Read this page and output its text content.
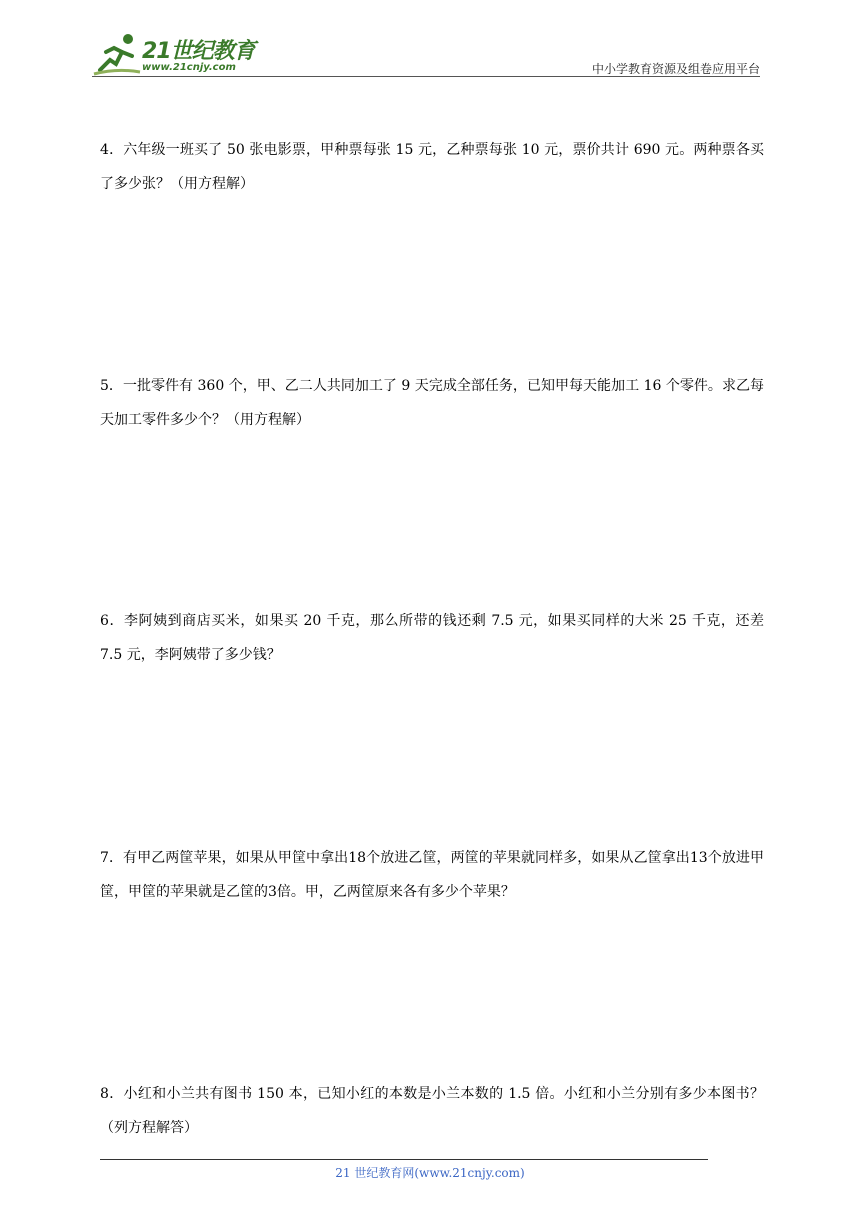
21世纪教育
www.21cnjy.com	中小学教育资源及组卷应用平台
4．六年级一班买了 50 张电影票，甲种票每张 15 元，乙种票每张 10 元，票价共计 690 元。两种票各买了多少张？（用方程解）
5．一批零件有 360 个，甲、乙二人共同加工了 9 天完成全部任务，已知甲每天能加工 16 个零件。求乙每天加工零件多少个？（用方程解）
6．李阿姨到商店买米，如果买 20 千克，那么所带的钱还剩 7.5 元，如果买同样的大米 25 千克，还差 7.5 元，李阿姨带了多少钱？
7．有甲乙两筐苹果，如果从甲筐中拿出18个放进乙筐，两筐的苹果就同样多，如果从乙筐拿出13个放进甲筐，甲筐的苹果就是乙筐的3倍。甲，乙两筐原来各有多少个苹果？
8．小红和小兰共有图书 150 本，已知小红的本数是小兰本数的 1.5 倍。小红和小兰分别有多少本图书？（列方程解答）
21 世纪教育网(www.21cnjy.com)
